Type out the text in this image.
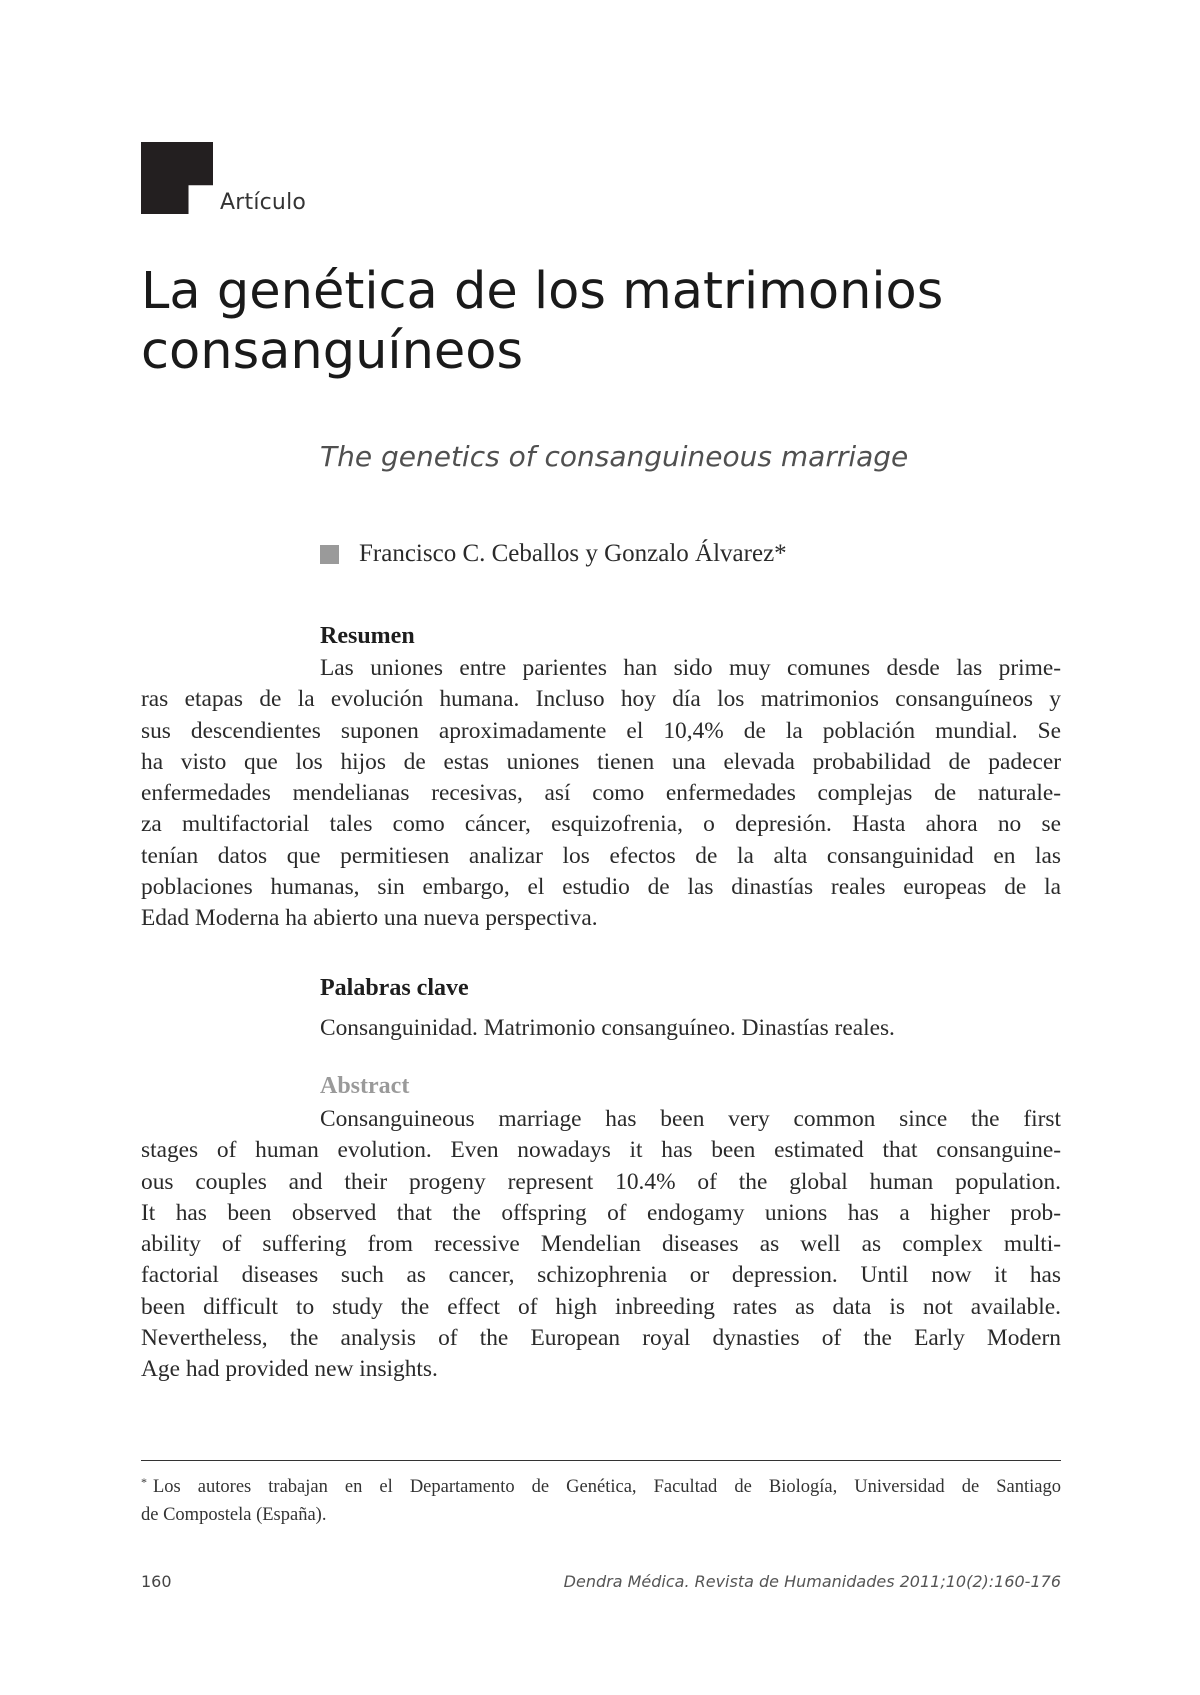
Artículo
La genética de los matrimonios
consanguíneos
The genetics of consanguineous marriage
Francisco C. Ceballos y Gonzalo Álvarez*
Resumen
Las uniones entre parientes han sido muy comunes desde las prime-
ras etapas de la evolución humana. Incluso hoy día los matrimonios consanguíneos y
sus descendientes suponen aproximadamente el 10,4% de la población mundial. Se
ha visto que los hijos de estas uniones tienen una elevada probabilidad de padecer
enfermedades mendelianas recesivas, así como enfermedades complejas de naturale-
za multifactorial tales como cáncer, esquizofrenia, o depresión. Hasta ahora no se
tenían datos que permitiesen analizar los efectos de la alta consanguinidad en las
poblaciones humanas, sin embargo, el estudio de las dinastías reales europeas de la
Edad Moderna ha abierto una nueva perspectiva.
Palabras clave
Consanguinidad. Matrimonio consanguíneo. Dinastías reales.
Abstract
Consanguineous marriage has been very common since the first
stages of human evolution. Even nowadays it has been estimated that consanguine-
ous couples and their progeny represent 10.4% of the global human population.
It has been observed that the offspring of endogamy unions has a higher prob-
ability of suffering from recessive Mendelian diseases as well as complex multi-
factorial diseases such as cancer, schizophrenia or depression. Until now it has
been difficult to study the effect of high inbreeding rates as data is not available.
Nevertheless, the analysis of the European royal dynasties of the Early Modern
Age had provided new insights.
* Los autores trabajan en el Departamento de Genética, Facultad de Biología, Universidad de Santiago
de Compostela (España).
160	Dendra Médica. Revista de Humanidades 2011;10(2):160-176
